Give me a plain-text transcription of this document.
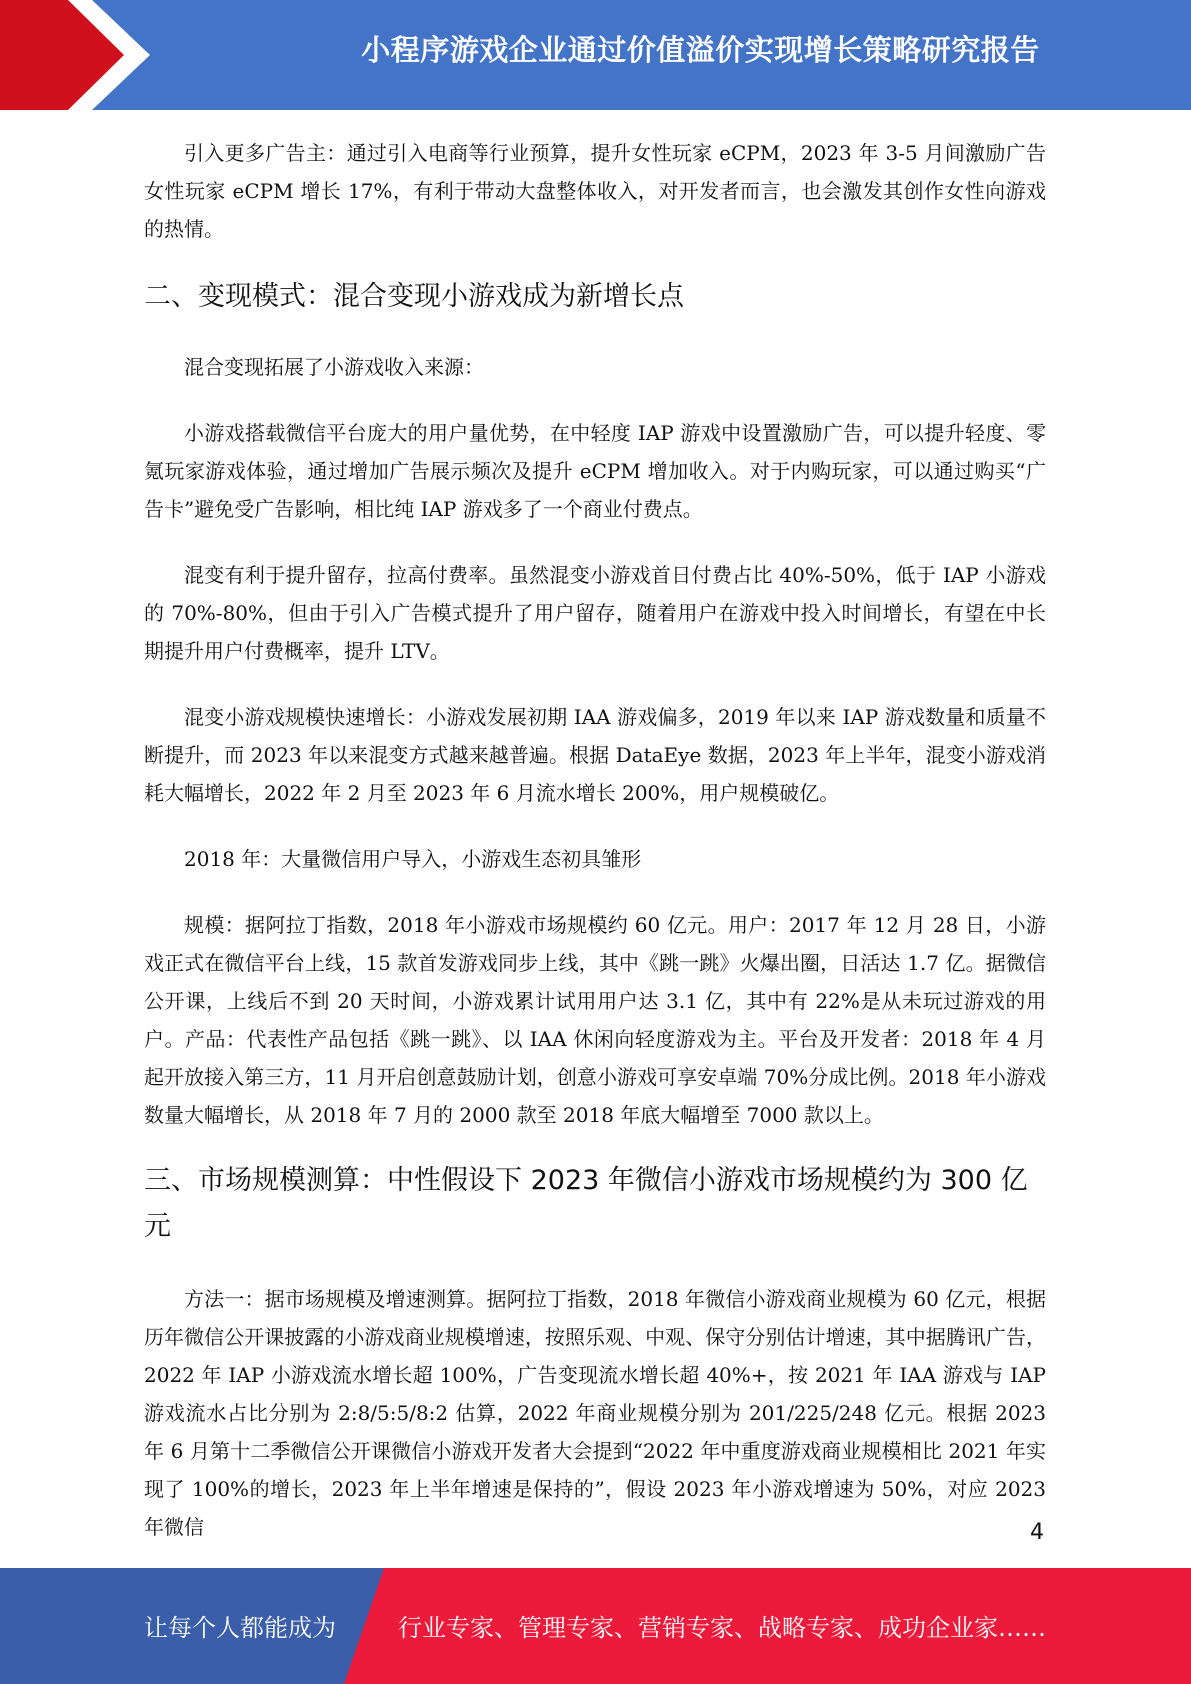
小程序游戏企业通过价值溢价实现增长策略研究报告

引入更多广告主：通过引入电商等行业预算，提升女性玩家 eCPM，2023 年 3-5 月间激励广告女性玩家 eCPM 增长 17%，有利于带动大盘整体收入，对开发者而言，也会激发其创作女性向游戏的热情。

二、变现模式：混合变现小游戏成为新增长点

混合变现拓展了小游戏收入来源：

小游戏搭载微信平台庞大的用户量优势，在中轻度 IAP 游戏中设置激励广告，可以提升轻度、零氪玩家游戏体验，通过增加广告展示频次及提升 eCPM 增加收入。对于内购玩家，可以通过购买“广告卡”避免受广告影响，相比纯 IAP 游戏多了一个商业付费点。

混变有利于提升留存，拉高付费率。虽然混变小游戏首日付费占比 40%-50%，低于 IAP 小游戏的 70%-80%，但由于引入广告模式提升了用户留存，随着用户在游戏中投入时间增长，有望在中长期提升用户付费概率，提升 LTV。

混变小游戏规模快速增长：小游戏发展初期 IAA 游戏偏多，2019 年以来 IAP 游戏数量和质量不断提升，而 2023 年以来混变方式越来越普遍。根据 DataEye 数据，2023 年上半年，混变小游戏消耗大幅增长，2022 年 2 月至 2023 年 6 月流水增长 200%，用户规模破亿。

2018 年：大量微信用户导入，小游戏生态初具雏形

规模：据阿拉丁指数，2018 年小游戏市场规模约 60 亿元。用户：2017 年 12 月 28 日，小游戏正式在微信平台上线，15 款首发游戏同步上线，其中《跳一跳》火爆出圈，日活达 1.7 亿。据微信公开课，上线后不到 20 天时间，小游戏累计试用用户达 3.1 亿，其中有 22%是从未玩过游戏的用户。产品：代表性产品包括《跳一跳》、以 IAA 休闲向轻度游戏为主。平台及开发者：2018 年 4 月起开放接入第三方，11 月开启创意鼓励计划，创意小游戏可享安卓端 70%分成比例。2018 年小游戏数量大幅增长，从 2018 年 7 月的 2000 款至 2018 年底大幅增至 7000 款以上。

三、市场规模测算：中性假设下 2023 年微信小游戏市场规模约为 300 亿元

方法一：据市场规模及增速测算。据阿拉丁指数，2018 年微信小游戏商业规模为 60 亿元，根据历年微信公开课披露的小游戏商业规模增速，按照乐观、中观、保守分别估计增速，其中据腾讯广告，2022 年 IAP 小游戏流水增长超 100%，广告变现流水增长超 40%+，按 2021 年 IAA 游戏与 IAP 游戏流水占比分别为 2:8/5:5/8:2 估算，2022 年商业规模分别为 201/225/248 亿元。根据 2023 年 6 月第十二季微信公开课微信小游戏开发者大会提到“2022 年中重度游戏商业规模相比 2021 年实现了 100%的增长，2023 年上半年增速是保持的”，假设 2023 年小游戏增速为 50%，对应 2023 年微信	4
让每个人都能成为	行业专家、管理专家、营销专家、战略专家、成功企业家……
